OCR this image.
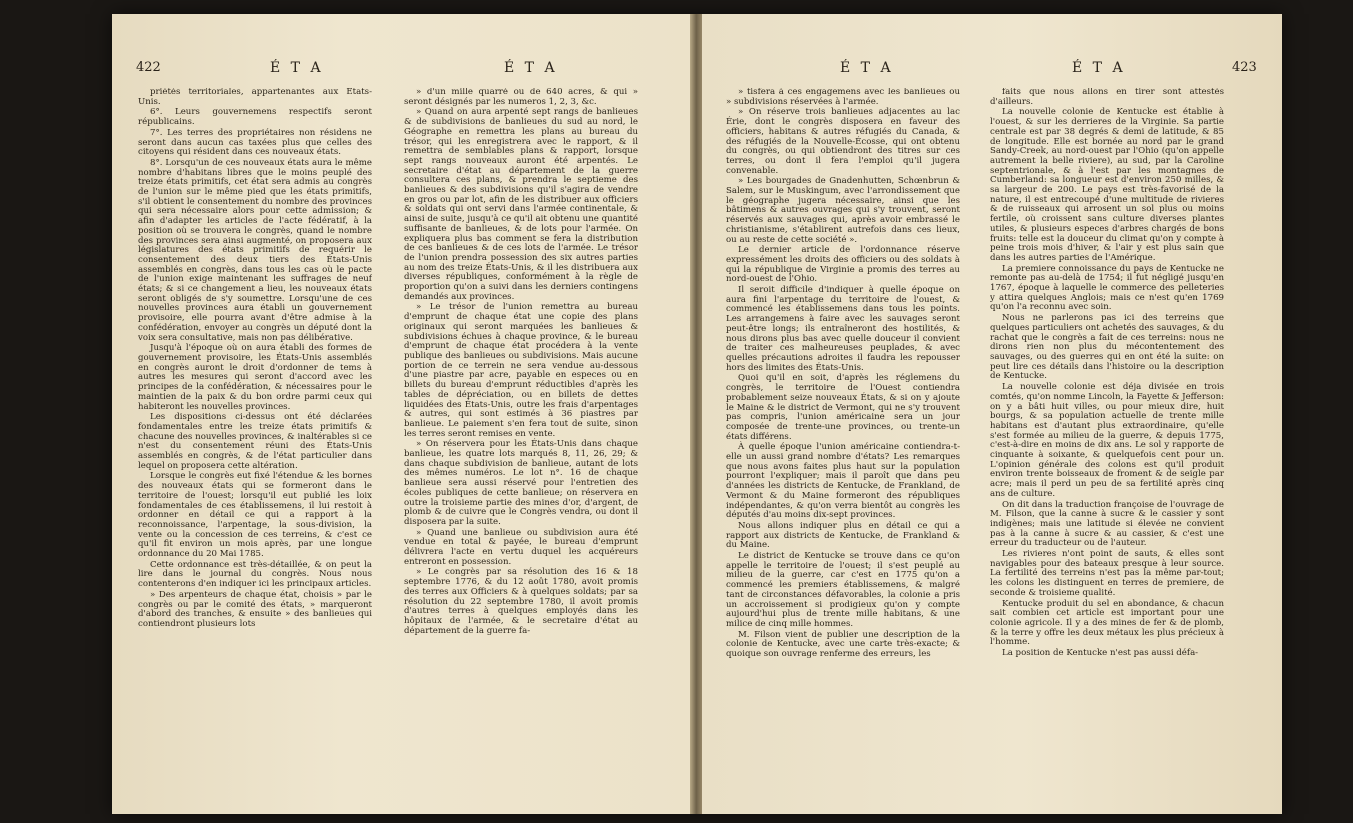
422	É T A	É T A

priétés territoriales, appartenantes aux États-Unis.

6°. Leurs gouvernemens respectifs seront républicains.

7°. Les terres des propriétaires non résidens ne seront dans aucun cas taxées plus que celles des citoyens qui résident dans ces nouveaux états.

8°. Lorsqu'un de ces nouveaux états aura le même nombre d'habitans libres que le moins peuplé des treize états primitifs, cet état sera admis au congrès de l'union sur le même pied que les états primitifs, s'il obtient le consentement du nombre des provinces qui sera nécessaire alors pour cette admission; & afin d'adapter les articles de l'acte fédératif, à la position où se trouvera le congrès, quand le nombre des provinces sera ainsi augmenté, on proposera aux législatures des états primitifs de requérir le consentement des deux tiers des États-Unis assemblés en congrès, dans tous les cas où le pacte de l'union exige maintenant les suffrages de neuf états; & si ce changement a lieu, les nouveaux états seront obligés de s'y soumettre. Lorsqu'une de ces nouvelles provinces aura établi un gouvernement provisoire, elle pourra avant d'être admise à la confédération, envoyer au congrès un député dont la voix sera consultative, mais non pas délibérative.

Jusqu'à l'époque où on aura établi des formes de gouvernement provisoire, les États-Unis assemblés en congrès auront le droit d'ordonner de tems à autres les mesures qui seront d'accord avec les principes de la confédération, & nécessaires pour le maintien de la paix & du bon ordre parmi ceux qui habiteront les nouvelles provinces.

Les dispositions ci-dessus ont été déclarées fondamentales entre les treize états primitifs & chacune des nouvelles provinces, & inaltérables si ce n'est du consentement réuni des États-Unis assemblés en congrès, & de l'état particulier dans lequel on proposera cette altération.

Lorsque le congrès eut fixé l'étendue & les bornes des nouveaux états qui se formeront dans le territoire de l'ouest; lorsqu'il eut publié les loix fondamentales de ces établissemens, il lui restoit à ordonner en détail ce qui a rapport à la reconnoissance, l'arpentage, la sous-division, la vente ou la concession de ces terreins, & c'est ce qu'il fit environ un mois après, par une longue ordonnance du 20 Mai 1785.

Cette ordonnance est très-détaillée, & on peut la lire dans le journal du congrès. Nous nous contenterons d'en indiquer ici les principaux articles.

» Des arpenteurs de chaque état, choisis » par le congrès ou par le comité des états, » marqueront d'abord des tranches, & ensuite » des banlieues qui contiendront plusieurs lots

» d'un mille quarré ou de 640 acres, & qui » seront désignés par les numeros 1, 2, 3, &c.

» Quand on aura arpenté sept rangs de banlieues & de subdivisions de banlieues du sud au nord, le Géographe en remettra les plans au bureau du trésor, qui les enregistrera avec le rapport, & il remettra de semblables plans & rapport, lorsque sept rangs nouveaux auront été arpentés. Le secretaire d'état au département de la guerre consultera ces plans, & prendra le septieme des banlieues & des subdivisions qu'il s'agira de vendre en gros ou par lot, afin de les distribuer aux officiers & soldats qui ont servi dans l'armée continentale, & ainsi de suite, jusqu'à ce qu'il ait obtenu une quantité suffisante de banlieues, & de lots pour l'armée. On expliquera plus bas comment se fera la distribution de ces banlieues & de ces lots de l'armée. Le trésor de l'union prendra possession des six autres parties au nom des treize États-Unis, & il les distribuera aux diverses républiques, conformément à la règle de proportion qu'on a suivi dans les derniers contingens demandés aux provinces.

» Le trésor de l'union remettra au bureau d'emprunt de chaque état une copie des plans originaux qui seront marquées les banlieues & subdivisions échues à chaque province, & le bureau d'emprunt de chaque état procédera à la vente publique des banlieues ou subdivisions. Mais aucune portion de ce terrein ne sera vendue au-dessous d'une piastre par acre, payable en especes ou en billets du bureau d'emprunt réductibles d'après les tables de dépréciation, ou en billets de dettes liquidées des États-Unis, outre les frais d'arpentages & autres, qui sont estimés à 36 piastres par banlieue. Le paiement s'en fera tout de suite, sinon les terres seront remises en vente.

» On réservera pour les États-Unis dans chaque banlieue, les quatre lots marqués 8, 11, 26, 29; & dans chaque subdivision de banlieue, autant de lots des mêmes numéros. Le lot n°. 16 de chaque banlieue sera aussi réservé pour l'entretien des écoles publiques de cette banlieue; on réservera en outre la troisieme partie des mines d'or, d'argent, de plomb & de cuivre que le Congrès vendra, ou dont il disposera par la suite.

» Quand une banlieue ou subdivision aura été vendue en total & payée, le bureau d'emprunt délivrera l'acte en vertu duquel les acquéreurs entreront en possession.

» Le congrès par sa résolution des 16 & 18 septembre 1776, & du 12 août 1780, avoit promis des terres aux Officiers & à quelques soldats; par sa résolution du 22 septembre 1780, il avoit promis d'autres terres à quelques employés dans les hôpitaux de l'armée, & le secretaire d'état au département de la guerre fa-

É T A	É T A	423

» tisfera à ces engagemens avec les banlieues ou » subdivisions réservées à l'armée.

» On réserve trois banlieues adjacentes au lac Érie, dont le congrès disposera en faveur des officiers, habitans & autres réfugiés du Canada, & des réfugiés de la Nouvelle-Écosse, qui ont obtenu du congrès, ou qui obtiendront des titres sur ces terres, ou dont il fera l'emploi qu'il jugera convenable.

» Les bourgades de Gnadenhutten, Schœnbrun & Salem, sur le Muskingum, avec l'arrondissement que le géographe jugera nécessaire, ainsi que les bâtimens & autres ouvrages qui s'y trouvent, seront réservés aux sauvages qui, après avoir embrassé le christianisme, s'établirent autrefois dans ces lieux, ou au reste de cette société ».

Le dernier article de l'ordonnance réserve expressément les droits des officiers ou des soldats à qui la république de Virginie a promis des terres au nord-ouest de l'Ohio.

Il seroit difficile d'indiquer à quelle époque on aura fini l'arpentage du territoire de l'ouest, & commencé les établissemens dans tous les points. Les arrangemens à faire avec les sauvages seront peut-être longs; ils entraîneront des hostilités, & nous dirons plus bas avec quelle douceur il convient de traiter ces malheureuses peuplades, & avec quelles précautions adroites il faudra les repousser hors des limites des États-Unis.

Quoi qu'il en soit, d'après les réglemens du congrès, le territoire de l'Ouest contiendra probablement seize nouveaux États, & si on y ajoute le Maine & le district de Vermont, qui ne s'y trouvent pas compris, l'union américaine sera un jour composée de trente-une provinces, ou trente-un états différens.

À quelle époque l'union américaine contiendra-t-elle un aussi grand nombre d'états? Les remarques que nous avons faites plus haut sur la population pourront l'expliquer; mais il paroît que dans peu d'années les districts de Kentucke, de Frankland, de Vermont & du Maine formeront des républiques indépendantes, & qu'on verra bientôt au congrès les députés d'au moins dix-sept provinces.

Nous allons indiquer plus en détail ce qui a rapport aux districts de Kentucke, de Frankland & du Maine.

Le district de Kentucke se trouve dans ce qu'on appelle le territoire de l'ouest; il s'est peuplé au milieu de la guerre, car c'est en 1775 qu'on a commencé les premiers établissemens, & malgré tant de circonstances défavorables, la colonie a pris un accroissement si prodigieux qu'on y compte aujourd'hui plus de trente mille habitans, & une milice de cinq mille hommes.

M. Filson vient de publier une description de la colonie de Kentucke, avec une carte très-exacte; & quoique son ouvrage renferme des erreurs, les

faits que nous allons en tirer sont attestés d'ailleurs.

La nouvelle colonie de Kentucke est établie à l'ouest, & sur les derrieres de la Virginie. Sa partie centrale est par 38 degrés & demi de latitude, & 85 de longitude. Elle est bornée au nord par le grand Sandy-Creek, au nord-ouest par l'Ohio (qu'on appelle autrement la belle riviere), au sud, par la Caroline septentrionale, & à l'est par les montagnes de Cumberland: sa longueur est d'environ 250 milles, & sa largeur de 200. Le pays est très-favorisé de la nature, il est entrecoupé d'une multitude de rivieres & de ruisseaux qui arrosent un sol plus ou moins fertile, où croissent sans culture diverses plantes utiles, & plusieurs especes d'arbres chargés de bons fruits: telle est la douceur du climat qu'on y compte à peine trois mois d'hiver, & l'air y est plus sain que dans les autres parties de l'Amérique.

La premiere connoissance du pays de Kentucke ne remonte pas au-delà de 1754; il fut négligé jusqu'en 1767, époque à laquelle le commerce des pelleteries y attira quelques Anglois; mais ce n'est qu'en 1769 qu'on l'a reconnu avec soin.

Nous ne parlerons pas ici des terreins que quelques particuliers ont achetés des sauvages, & du rachat que le congrès a fait de ces terreins: nous ne dirons rien non plus du mécontentement des sauvages, ou des guerres qui en ont été la suite: on peut lire ces détails dans l'histoire ou la description de Kentucke.

La nouvelle colonie est déja divisée en trois comtés, qu'on nomme Lincoln, la Fayette & Jefferson: on y a bâti huit villes, ou pour mieux dire, huit bourgs, & sa population actuelle de trente mille habitans est d'autant plus extraordinaire, qu'elle s'est formée au milieu de la guerre, & depuis 1775, c'est-à-dire en moins de dix ans. Le sol y rapporte de cinquante à soixante, & quelquefois cent pour un. L'opinion générale des colons est qu'il produit environ trente boisseaux de froment & de seigle par acre; mais il perd un peu de sa fertilité après cinq ans de culture.

On dit dans la traduction françoise de l'ouvrage de M. Filson, que la canne à sucre & le cassier y sont indigènes; mais une latitude si élevée ne convient pas à la canne à sucre & au cassier, & c'est une erreur du traducteur ou de l'auteur.

Les rivieres n'ont point de sauts, & elles sont navigables pour des bateaux presque à leur source. La fertilité des terreins n'est pas la même par-tout; les colons les distinguent en terres de premiere, de seconde & troisieme qualité.

Kentucke produit du sel en abondance, & chacun sait combien cet article est important pour une colonie agricole. Il y a des mines de fer & de plomb, & la terre y offre les deux métaux les plus précieux à l'homme.

La position de Kentucke n'est pas aussi défa-
